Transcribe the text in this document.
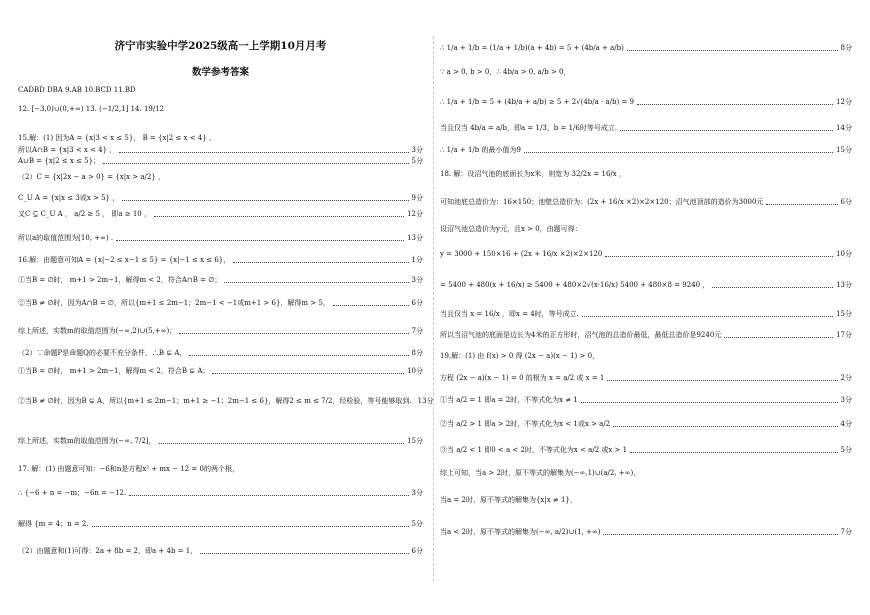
济宁市实验中学2025级高一上学期10月月考
数学参考答案
CADBD DBA 9.AB 10.BCD 11.BD
12. [−3,0)∪(0,+∞) 13. (−1/2,1] 14. 19/12
15.解：(1) 因为A = {x|3 < x ≤ 5}， B = {x|2 ≤ x < 4} ，
所以A∩B = {x|3 < x < 4} ，	3分
A∪B = {x|2 ≤ x ≤ 5}；	5分
（2）C = {x|2x − a > 0} = {x|x > a/2} ，
C_U A = {x|x ≤ 3或x > 5} ，	9分
又C ⊆ C_U A ， a/2 ≥ 5 ， 即a ≥ 10 ，	12分
所以a的取值范围为[10, +∞) .	13分
16.解：由题意可知A = {x|−2 ≤ x−1 ≤ 5} = {x|−1 ≤ x ≤ 6}，	1分
①当B = ∅时， m+1 > 2m−1，解得m < 2，符合A∩B = ∅；	3分
②当B ≠ ∅时，因为A∩B = ∅，所以{m+1 ≤ 2m−1；2m−1 < −1或m+1 > 6}，解得m > 5，	6分
综上所述，实数m的取值范围为(−∞,2)∪(5,+∞)；	7分
（2）∵命题P是命题Q的必要不充分条件，∴B ⊊ A，	8分
①当B = ∅时， m+1 > 2m−1，解得m < 2，符合B ⊊ A；	10分
②当B ≠ ∅时，因为B ⊊ A，所以{m+1 ≤ 2m−1；m+1 ≥ −1；2m−1 ≤ 6}，解得2 ≤ m ≤ 7/2，经检验，等号能够取到. 13分
综上所述，实数m的取值范围为(−∞, 7/2]，	15分
17. 解：(1) 由题意可知：−6和n是方程x² + mx − 12 = 0的两个根，
∴ {−6 + n = −m；−6n = −12.	3分
解得 {m = 4；n = 2.	5分
（2）由题意和(1)可得：2a + 8b = 2，即a + 4b = 1，	6分
∴ 1/a + 1/b = (1/a + 1/b)(a + 4b) = 5 + (4b/a + a/b)	8分
∵ a > 0, b > 0，∴ 4b/a > 0, a/b > 0，
∴ 1/a + 1/b = 5 + (4b/a + a/b) ≥ 5 + 2√(4b/a · a/b) = 9	12分
当且仅当 4b/a = a/b，即a = 1/3，b = 1/6时等号成立.	14分
∴ 1/a + 1/b 的最小值为9	15分
18. 解：设沼气池的底面长为x米，则宽为 32/2x = 16/x ，
可知池底总造价为：16×150；池壁总造价为：(2x + 16/x ×2)×2×120；沼气池顶部的造价为3000元	6分
设沼气池总造价为y元，且x > 0，由题可得：
y = 3000 + 150×16 + (2x + 16/x ×2)×2×120	10分
= 5400 + 480(x + 16/x) ≥ 5400 + 480×2√(x·16/x) 5400 + 480×8 = 9240 ，	13分
当且仅当 x = 16/x ，即x = 4时，等号成立.	15分
所以当沼气池的底面是边长为4米的正方形时，沼气池的总造价最低，最低总造价是9240元	17分
19.解：(1) 由 f(x) > 0 得 (2x − a)(x − 1) > 0，
方程 (2x − a)(x − 1) = 0 的根为 x = a/2 或 x = 1	2分
①当 a/2 = 1 即a = 2时，不等式化为x ≠ 1	3分
②当 a/2 > 1 即a > 2时，不等式化为x < 1或x > a/2	4分
③当 a/2 < 1 即0 < a < 2时，不等式化为x < a/2 或x > 1	5分
综上可知，当a > 2时，原不等式的解集为(−∞,1)∪(a/2, +∞)，
当a = 2时，原不等式的解集为{x|x ≠ 1}，
当a < 2时，原不等式的解集为(−∞, a/2)∪(1, +∞)	7分
